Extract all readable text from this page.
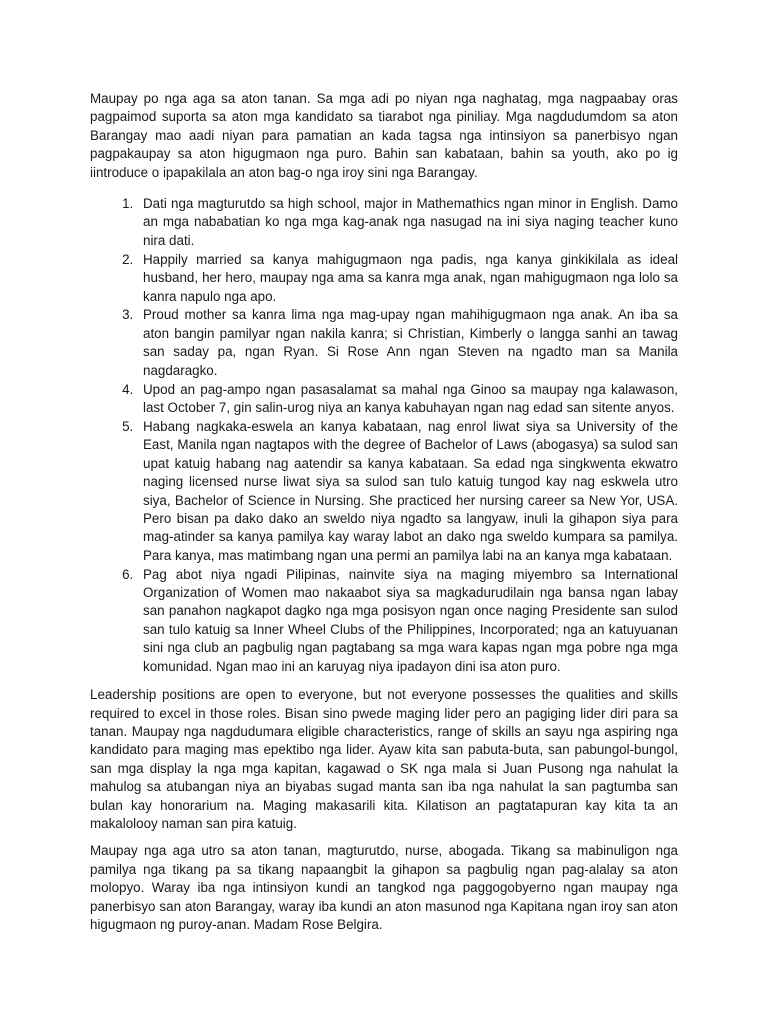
Maupay po nga aga sa aton tanan. Sa mga adi po niyan nga naghatag, mga nagpaabay oras pagpaimod suporta sa aton mga kandidato sa tiarabot nga piniliay. Mga nagdudumdom sa aton Barangay mao aadi niyan para pamatian an kada tagsa nga intinsiyon sa panerbisyo ngan pagpakaupay sa aton higugmaon nga puro. Bahin san kabataan, bahin sa youth, ako po ig iintroduce o ipapakilala an aton bag-o nga iroy sini nga Barangay.

1. Dati nga magturutdo sa high school, major in Mathemathics ngan minor in English. Damo an mga nababatian ko nga mga kag-anak nga nasugad na ini siya naging teacher kuno nira dati.
2. Happily married sa kanya mahigugmaon nga padis, nga kanya ginkikilala as ideal husband, her hero, maupay nga ama sa kanra mga anak, ngan mahigugmaon nga lolo sa kanra napulo nga apo.
3. Proud mother sa kanra lima nga mag-upay ngan mahihigugmaon nga anak. An iba sa aton bangin pamilyar ngan nakila kanra; si Christian, Kimberly o langga sanhi an tawag san saday pa, ngan Ryan. Si Rose Ann ngan Steven na ngadto man sa Manila nagdaragko.
4. Upod an pag-ampo ngan pasasalamat sa mahal nga Ginoo sa maupay nga kalawason, last October 7, gin salin-urog niya an kanya kabuhayan ngan nag edad san sitente anyos.
5. Habang nagkaka-eswela an kanya kabataan, nag enrol liwat siya sa University of the East, Manila ngan nagtapos with the degree of Bachelor of Laws (abogasya) sa sulod san upat katuig habang nag aatendir sa kanya kabataan. Sa edad nga singkwenta ekwatro naging licensed nurse liwat siya sa sulod san tulo katuig tungod kay nag eskwela utro siya, Bachelor of Science in Nursing. She practiced her nursing career sa New Yor, USA. Pero bisan pa dako dako an sweldo niya ngadto sa langyaw, inuli la gihapon siya para mag-atinder sa kanya pamilya kay waray labot an dako nga sweldo kumpara sa pamilya. Para kanya, mas matimbang ngan una permi an pamilya labi na an kanya mga kabataan.
6. Pag abot niya ngadi Pilipinas, nainvite siya na maging miyembro sa International Organization of Women mao nakaabot siya sa magkadurudilain nga bansa ngan labay san panahon nagkapot dagko nga mga posisyon ngan once naging Presidente san sulod san tulo katuig sa Inner Wheel Clubs of the Philippines, Incorporated; nga an katuyuanan sini nga club an pagbulig ngan pagtabang sa mga wara kapas ngan mga pobre nga mga komunidad. Ngan mao ini an karuyag niya ipadayon dini isa aton puro.

Leadership positions are open to everyone, but not everyone possesses the qualities and skills required to excel in those roles. Bisan sino pwede maging lider pero an pagiging lider diri para sa tanan. Maupay nga nagdudumara eligible characteristics, range of skills an sayu nga aspiring nga kandidato para maging mas epektibo nga lider. Ayaw kita san pabuta-buta, san pabungol-bungol, san mga display la nga mga kapitan, kagawad o SK nga mala si Juan Pusong nga nahulat la mahulog sa atubangan niya an biyabas sugad manta san iba nga nahulat la san pagtumba san bulan kay honorarium na. Maging makasarili kita. Kilatison an pagtatapuran kay kita ta an makalolooy naman san pira katuig.

Maupay nga aga utro sa aton tanan, magturutdo, nurse, abogada. Tikang sa mabinuligon nga pamilya nga tikang pa sa tikang napaangbit la gihapon sa pagbulig ngan pag-alalay sa aton molopyo. Waray iba nga intinsiyon kundi an tangkod nga paggogobyerno ngan maupay nga panerbisyo san aton Barangay, waray iba kundi an aton masunod nga Kapitana ngan iroy san aton higugmaon ng puroy-anan. Madam Rose Belgira.
